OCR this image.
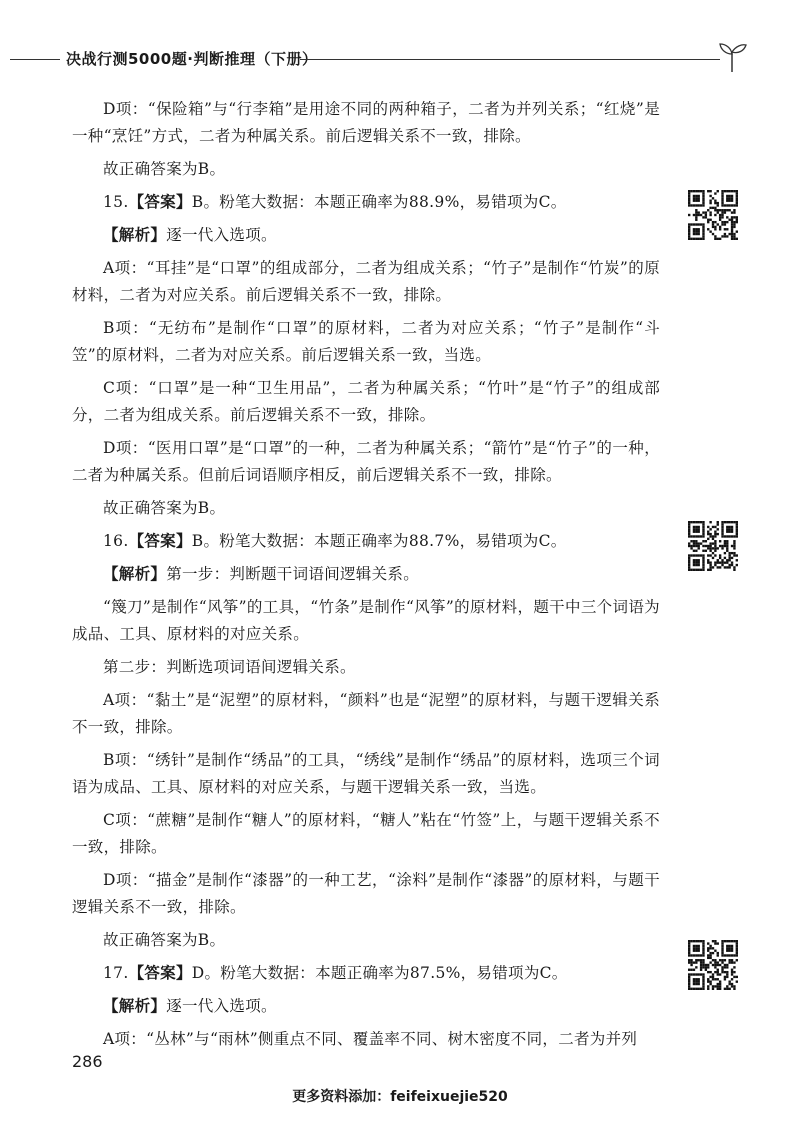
决战行测5000题·判断推理（下册）

D项：“保险箱”与“行李箱”是用途不同的两种箱子，二者为并列关系；“红烧”是一种“烹饪”方式，二者为种属关系。前后逻辑关系不一致，排除。

故正确答案为B。

15.【答案】B。粉笔大数据：本题正确率为88.9%，易错项为C。

【解析】逐一代入选项。

A项：“耳挂”是“口罩”的组成部分，二者为组成关系；“竹子”是制作“竹炭”的原材料，二者为对应关系。前后逻辑关系不一致，排除。

B项：“无纺布”是制作“口罩”的原材料，二者为对应关系；“竹子”是制作“斗笠”的原材料，二者为对应关系。前后逻辑关系一致，当选。

C项：“口罩”是一种“卫生用品”，二者为种属关系；“竹叶”是“竹子”的组成部分，二者为组成关系。前后逻辑关系不一致，排除。

D项：“医用口罩”是“口罩”的一种，二者为种属关系；“箭竹”是“竹子”的一种，二者为种属关系。但前后词语顺序相反，前后逻辑关系不一致，排除。

故正确答案为B。

16.【答案】B。粉笔大数据：本题正确率为88.7%，易错项为C。

【解析】第一步：判断题干词语间逻辑关系。

“篾刀”是制作“风筝”的工具，“竹条”是制作“风筝”的原材料，题干中三个词语为成品、工具、原材料的对应关系。

第二步：判断选项词语间逻辑关系。

A项：“黏土”是“泥塑”的原材料，“颜料”也是“泥塑”的原材料，与题干逻辑关系不一致，排除。

B项：“绣针”是制作“绣品”的工具，“绣线”是制作“绣品”的原材料，选项三个词语为成品、工具、原材料的对应关系，与题干逻辑关系一致，当选。

C项：“蔗糖”是制作“糖人”的原材料，“糖人”粘在“竹签”上，与题干逻辑关系不一致，排除。

D项：“描金”是制作“漆器”的一种工艺，“涂料”是制作“漆器”的原材料，与题干逻辑关系不一致，排除。

故正确答案为B。

17.【答案】D。粉笔大数据：本题正确率为87.5%，易错项为C。

【解析】逐一代入选项。

A项：“丛林”与“雨林”侧重点不同、覆盖率不同、树木密度不同，二者为并列

286
更多资料添加：feifeixuejie520
